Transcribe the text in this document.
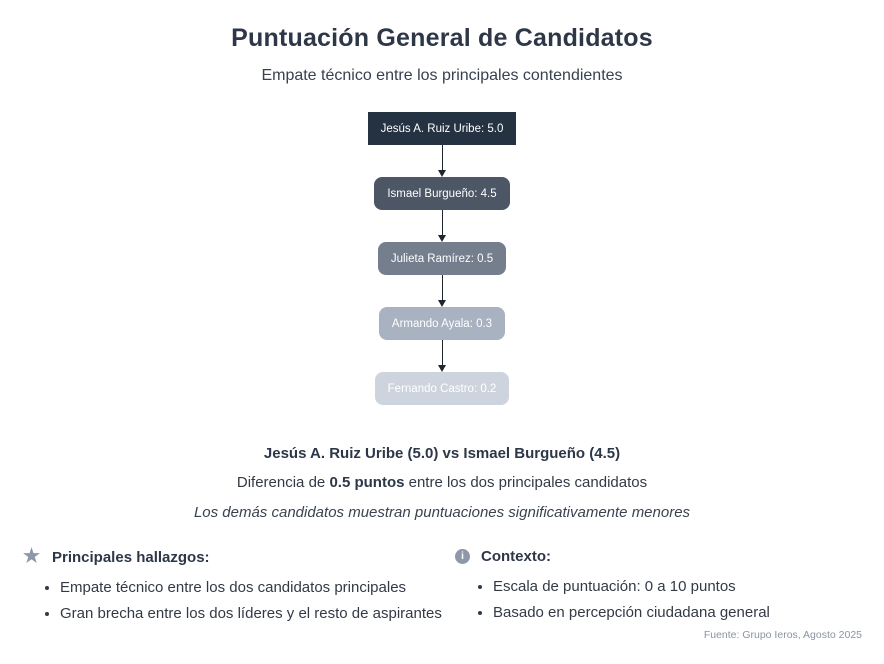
Puntuación General de Candidatos
Empate técnico entre los principales contendientes
Jesús A. Ruiz Uribe: 5.0
Ismael Burgueño: 4.5
Julieta Ramírez: 0.5
Armando Ayala: 0.3
Fernando Castro: 0.2
Jesús A. Ruiz Uribe (5.0) vs Ismael Burgueño (4.5)
Diferencia de 0.5 puntos entre los dos principales candidatos
Los demás candidatos muestran puntuaciones significativamente menores
★ Principales hallazgos:
• Empate técnico entre los dos candidatos principales
• Gran brecha entre los dos líderes y el resto de aspirantes
i	Contexto:
• Escala de puntuación: 0 a 10 puntos
• Basado en percepción ciudadana general
Fuente: Grupo Ieros, Agosto 2025
